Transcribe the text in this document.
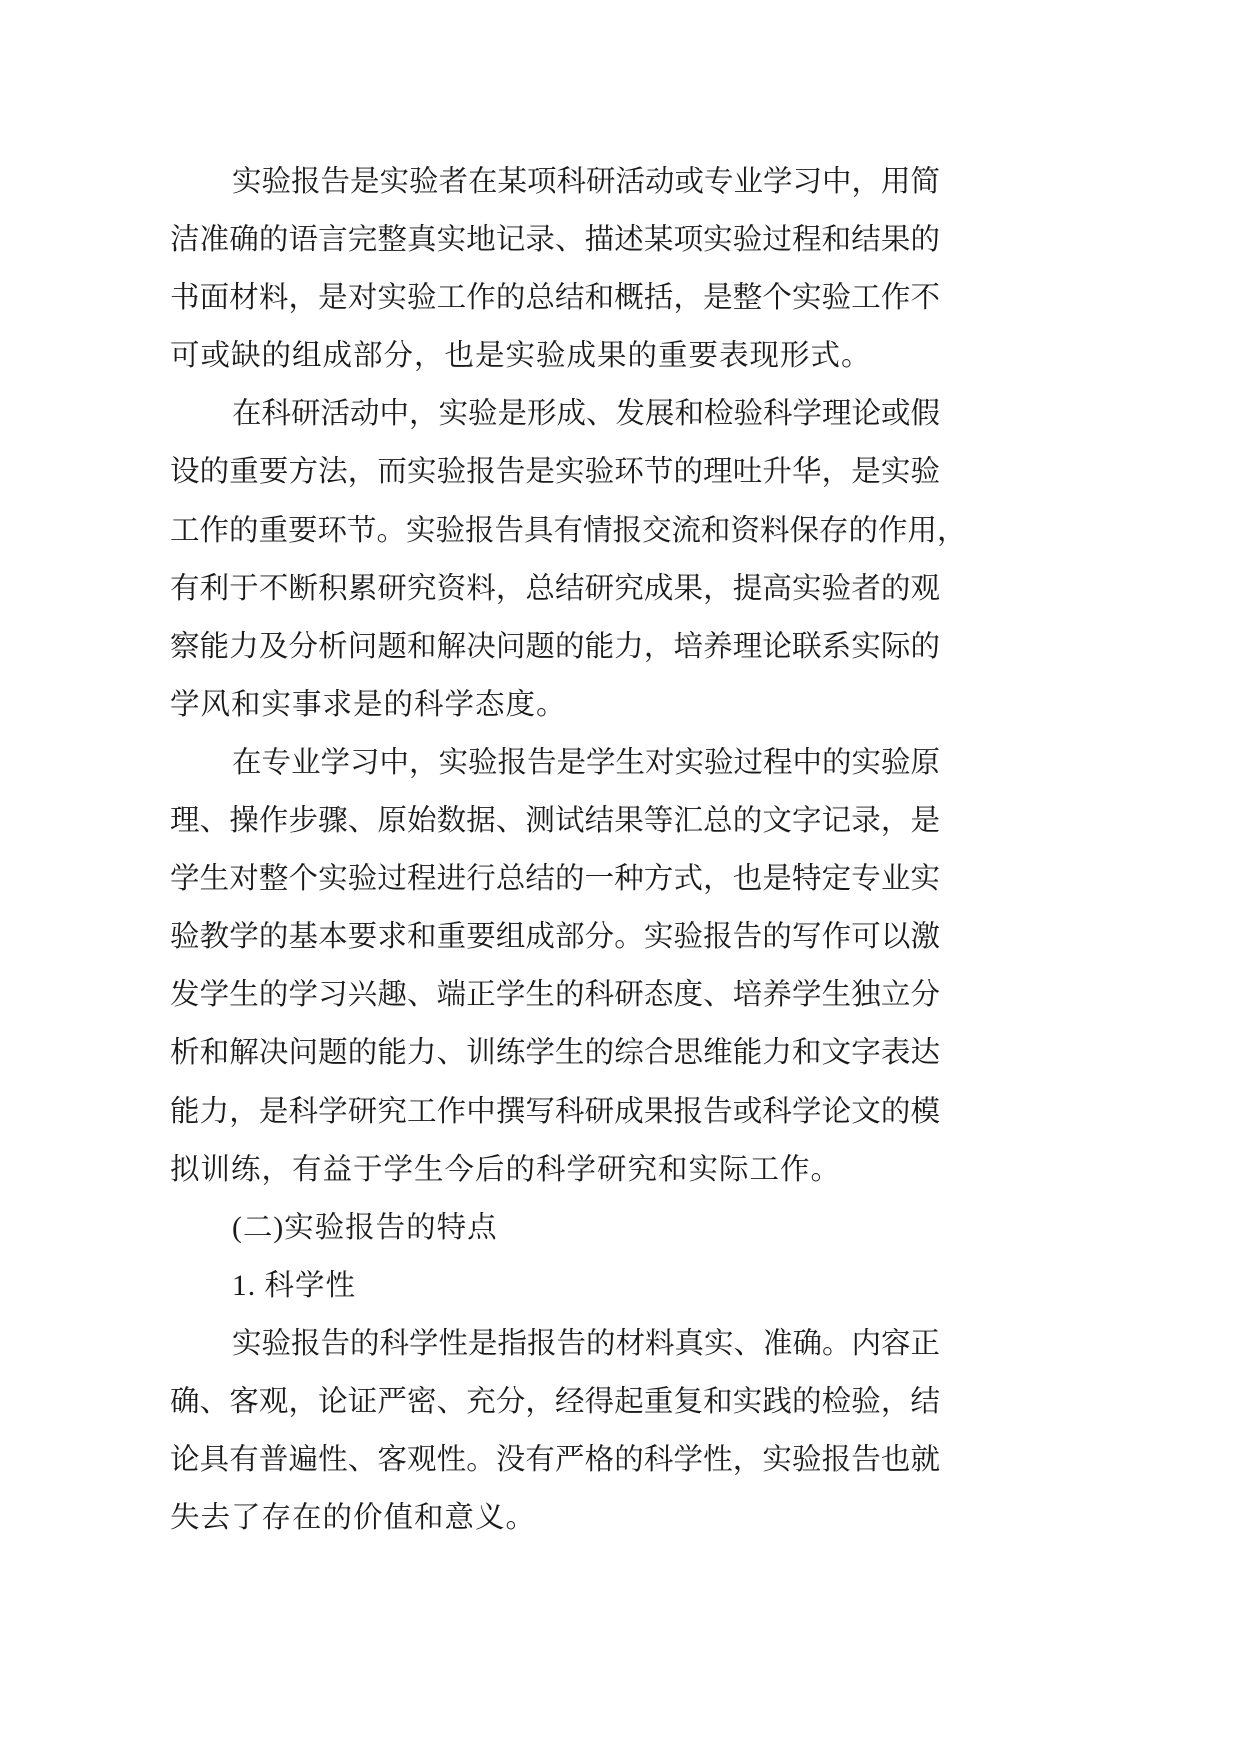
实验报告是实验者在某项科研活动或专业学习中，用简
洁准确的语言完整真实地记录、描述某项实验过程和结果的
书面材料，是对实验工作的总结和概括，是整个实验工作不
可或缺的组成部分，也是实验成果的重要表现形式。
在科研活动中，实验是形成、发展和检验科学理论或假
设的重要方法，而实验报告是实验环节的理吐升华，是实验
工作的重要环节。实验报告具有情报交流和资料保存的作用，
有利于不断积累研究资料，总结研究成果，提高实验者的观
察能力及分析问题和解决问题的能力，培养理论联系实际的
学风和实事求是的科学态度。
在专业学习中，实验报告是学生对实验过程中的实验原
理、操作步骤、原始数据、测试结果等汇总的文字记录，是
学生对整个实验过程进行总结的一种方式，也是特定专业实
验教学的基本要求和重要组成部分。实验报告的写作可以激
发学生的学习兴趣、端正学生的科研态度、培养学生独立分
析和解决问题的能力、训练学生的综合思维能力和文字表达
能力，是科学研究工作中撰写科研成果报告或科学论文的模
拟训练，有益于学生今后的科学研究和实际工作。
(二)实验报告的特点
1. 科学性
实验报告的科学性是指报告的材料真实、准确。内容正
确、客观，论证严密、充分，经得起重复和实践的检验，结
论具有普遍性、客观性。没有严格的科学性，实验报告也就
失去了存在的价值和意义。
